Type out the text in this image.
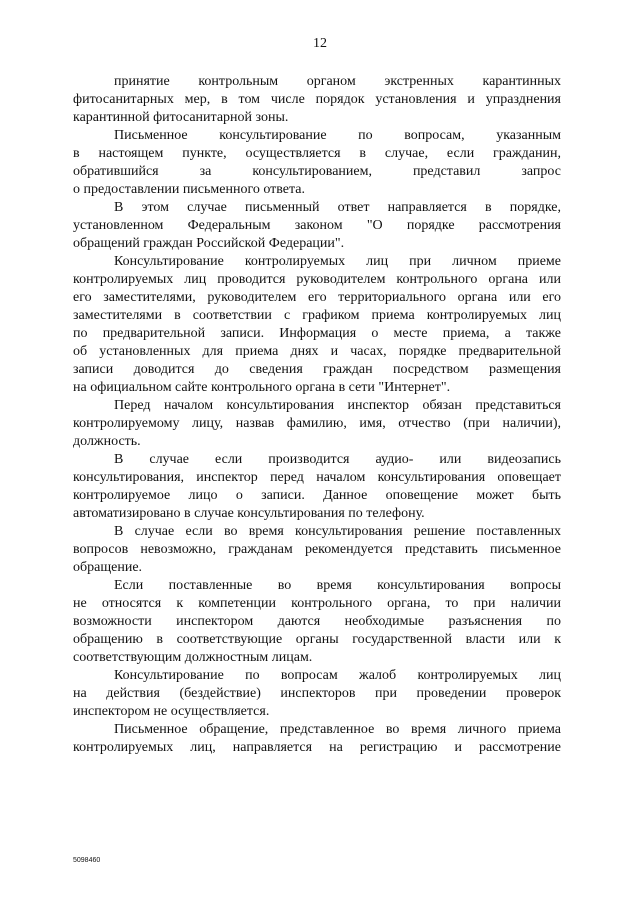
12
принятие контрольным органом экстренных карантинных
фитосанитарных мер, в том числе порядок установления и упразднения
карантинной фитосанитарной зоны.
Письменное консультирование по вопросам, указанным
в настоящем пункте, осуществляется в случае, если гражданин,
обратившийся за консультированием, представил запрос
о предоставлении письменного ответа.
В этом случае письменный ответ направляется в порядке,
установленном Федеральным законом "О порядке рассмотрения
обращений граждан Российской Федерации".
Консультирование контролируемых лиц при личном приеме
контролируемых лиц проводится руководителем контрольного органа или
его заместителями, руководителем его территориального органа или его
заместителями в соответствии с графиком приема контролируемых лиц
по предварительной записи. Информация о месте приема, а также
об установленных для приема днях и часах, порядке предварительной
записи доводится до сведения граждан посредством размещения
на официальном сайте контрольного органа в сети "Интернет".
Перед началом консультирования инспектор обязан представиться
контролируемому лицу, назвав фамилию, имя, отчество (при наличии),
должность.
В случае если производится аудио- или видеозапись
консультирования, инспектор перед началом консультирования оповещает
контролируемое лицо о записи. Данное оповещение может быть
автоматизировано в случае консультирования по телефону.
В случае если во время консультирования решение поставленных
вопросов невозможно, гражданам рекомендуется представить письменное
обращение.
Если поставленные во время консультирования вопросы
не относятся к компетенции контрольного органа, то при наличии
возможности инспектором даются необходимые разъяснения по
обращению в соответствующие органы государственной власти или к
соответствующим должностным лицам.
Консультирование по вопросам жалоб контролируемых лиц
на действия (бездействие) инспекторов при проведении проверок
инспектором не осуществляется.
Письменное обращение, представленное во время личного приема
контролируемых лиц, направляется на регистрацию и рассмотрение
5098460
